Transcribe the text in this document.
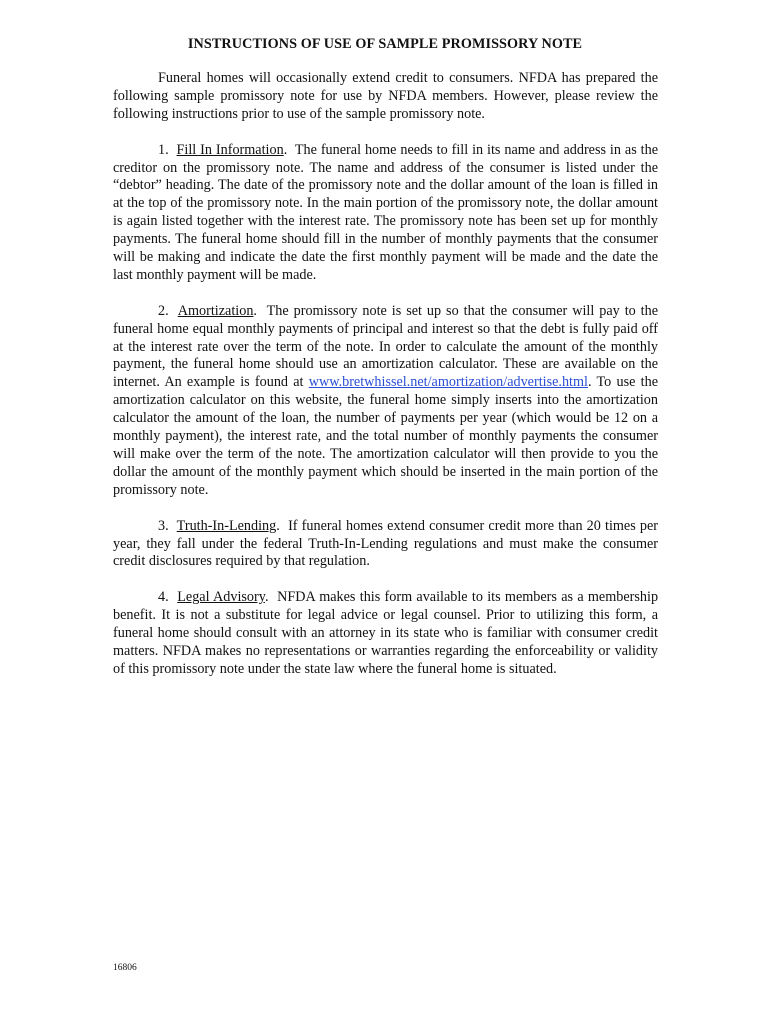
INSTRUCTIONS OF USE OF SAMPLE PROMISSORY NOTE

Funeral homes will occasionally extend credit to consumers. NFDA has prepared the following sample promissory note for use by NFDA members. However, please review the following instructions prior to use of the sample promissory note.

1. Fill In Information.  The funeral home needs to fill in its name and address in as the creditor on the promissory note. The name and address of the consumer is listed under the “debtor” heading. The date of the promissory note and the dollar amount of the loan is filled in at the top of the promissory note. In the main portion of the promissory note, the dollar amount is again listed together with the interest rate. The promissory note has been set up for monthly payments. The funeral home should fill in the number of monthly payments that the consumer will be making and indicate the date the first monthly payment will be made and the date the last monthly payment will be made.

2. Amortization.  The promissory note is set up so that the consumer will pay to the funeral home equal monthly payments of principal and interest so that the debt is fully paid off at the interest rate over the term of the note. In order to calculate the amount of the monthly payment, the funeral home should use an amortization calculator. These are available on the internet. An example is found at www.bretwhissel.net/amortization/advertise.html. To use the amortization calculator on this website, the funeral home simply inserts into the amortization calculator the amount of the loan, the number of payments per year (which would be 12 on a monthly payment), the interest rate, and the total number of monthly payments the consumer will make over the term of the note. The amortization calculator will then provide to you the dollar the amount of the monthly payment which should be inserted in the main portion of the promissory note.

3. Truth-In-Lending.  If funeral homes extend consumer credit more than 20 times per year, they fall under the federal Truth-In-Lending regulations and must make the consumer credit disclosures required by that regulation.

4. Legal Advisory.  NFDA makes this form available to its members as a membership benefit. It is not a substitute for legal advice or legal counsel. Prior to utilizing this form, a funeral home should consult with an attorney in its state who is familiar with consumer credit matters. NFDA makes no representations or warranties regarding the enforceability or validity of this promissory note under the state law where the funeral home is situated.

16806
